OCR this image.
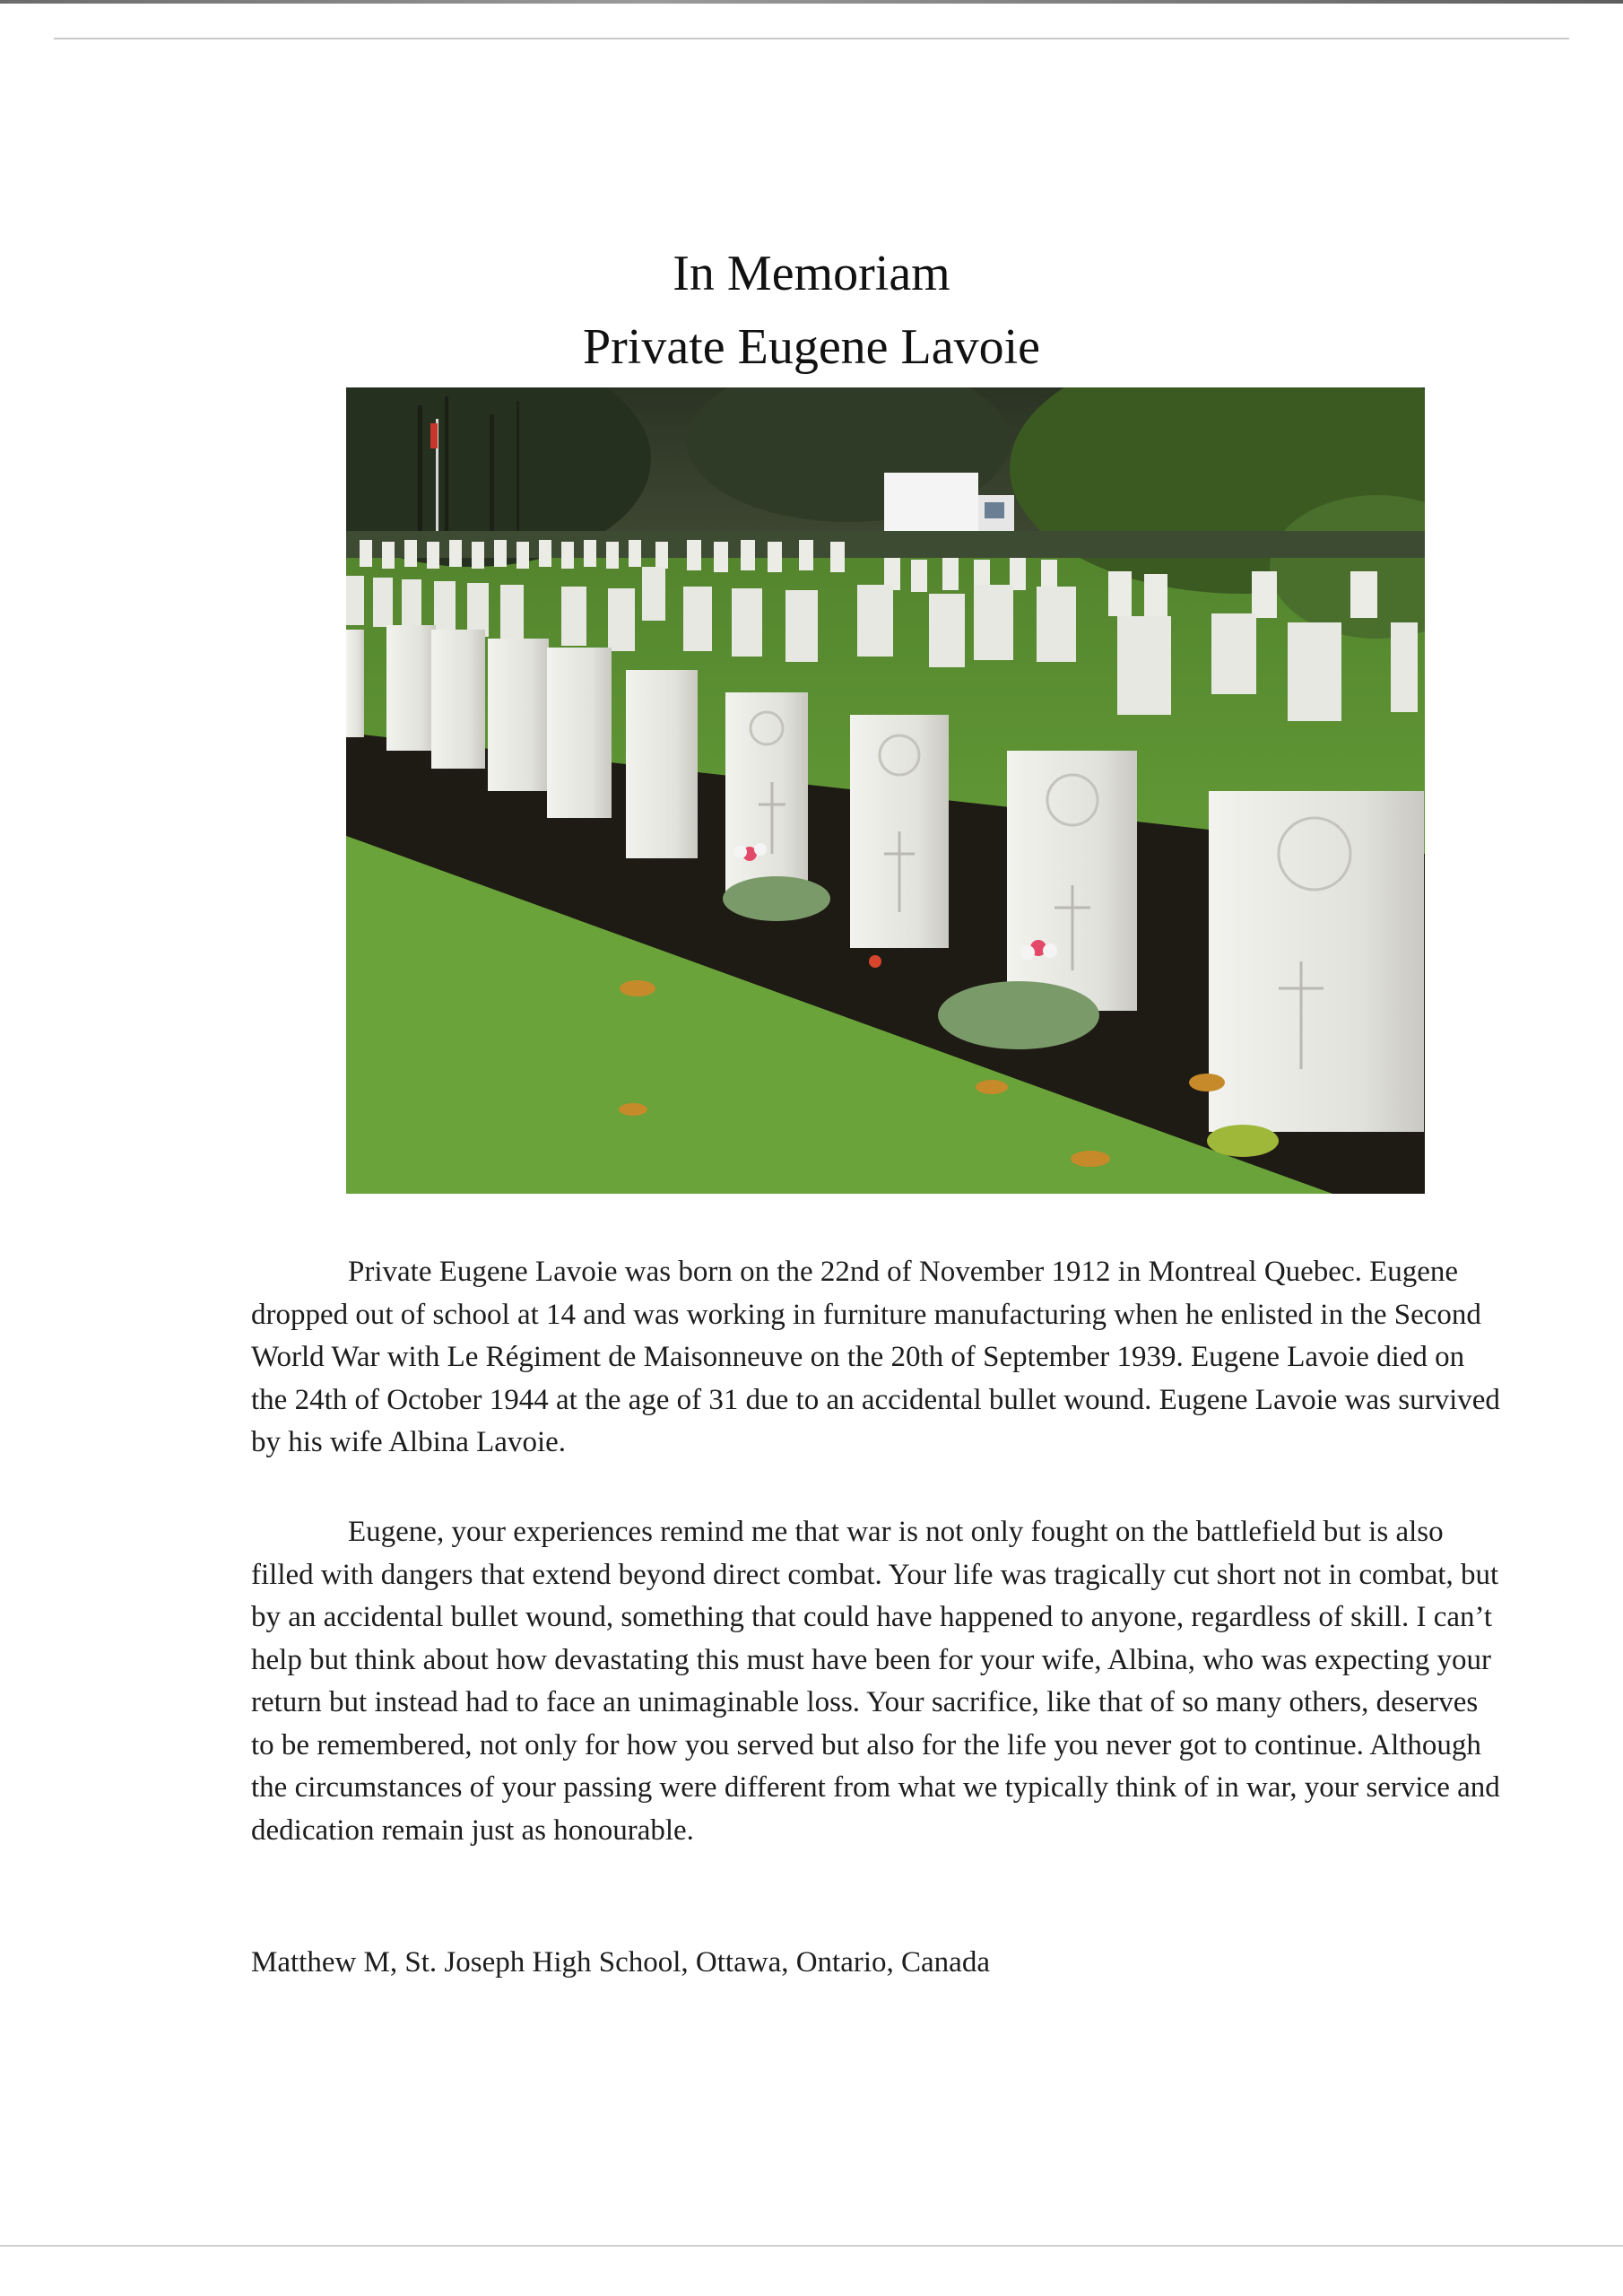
In Memoriam
Private Eugene Lavoie

Private Eugene Lavoie was born on the 22nd of November 1912 in Montreal Quebec. Eugene dropped out of school at 14 and was working in furniture manufacturing when he enlisted in the Second World War with Le Régiment de Maisonneuve on the 20th of September 1939. Eugene Lavoie died on the 24th of October 1944 at the age of 31 due to an accidental bullet wound. Eugene Lavoie was survived by his wife Albina Lavoie.

Eugene, your experiences remind me that war is not only fought on the battlefield but is also filled with dangers that extend beyond direct combat. Your life was tragically cut short not in combat, but by an accidental bullet wound, something that could have happened to anyone, regardless of skill. I can’t help but think about how devastating this must have been for your wife, Albina, who was expecting your return but instead had to face an unimaginable loss. Your sacrifice, like that of so many others, deserves to be remembered, not only for how you served but also for the life you never got to continue. Although the circumstances of your passing were different from what we typically think of in war, your service and dedication remain just as honourable.

Matthew M, St. Joseph High School, Ottawa, Ontario, Canada
